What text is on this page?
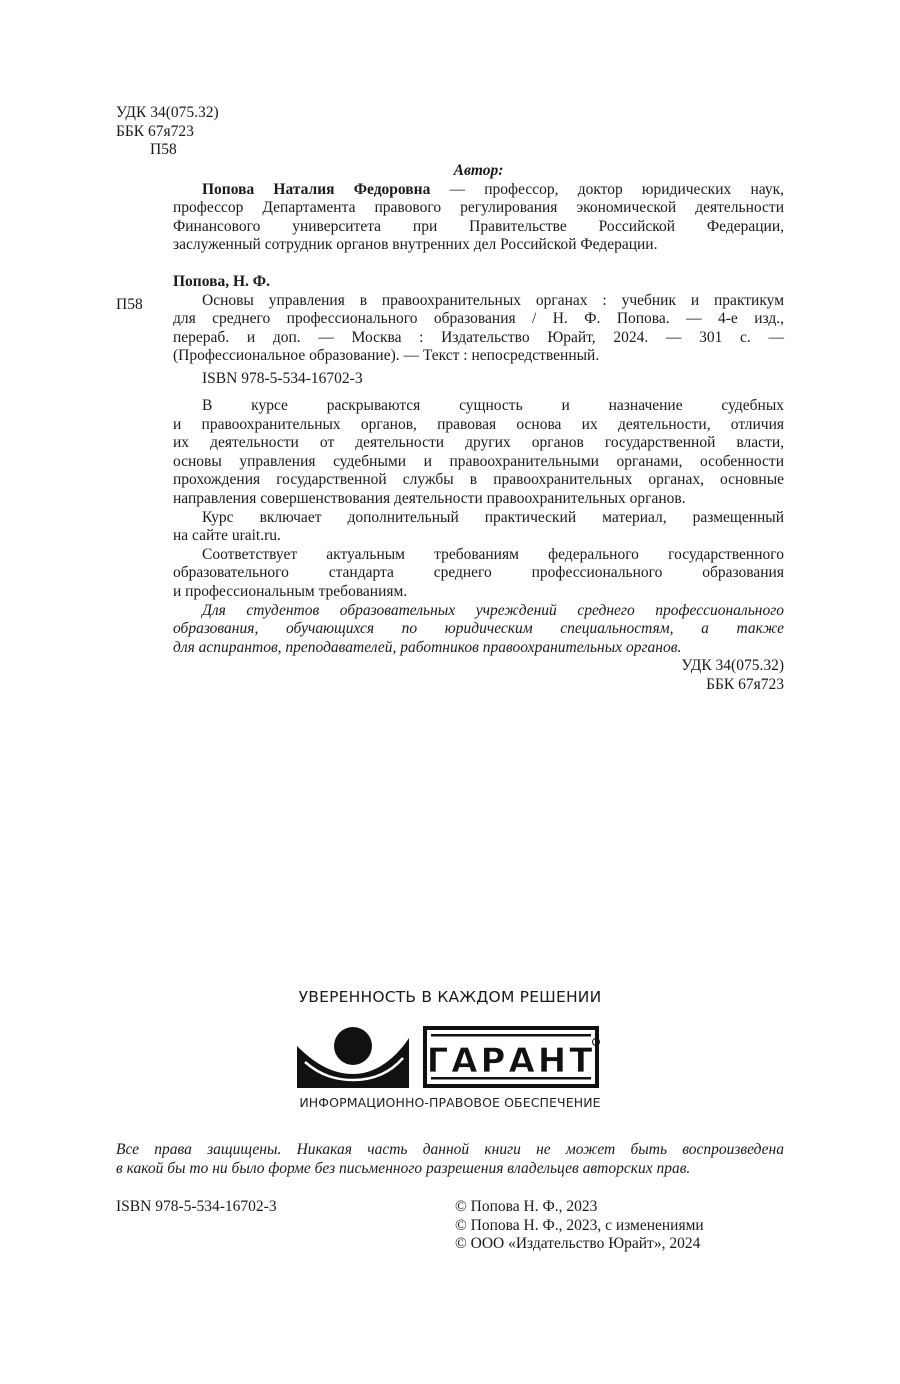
УДК 34(075.32)
ББК 67я723
П58
Автор:
Попова Наталия Федоровна — профессор, доктор юридических наук,
профессор Департамента правового регулирования экономической деятельности
Финансового университета при Правительстве Российской Федерации,
заслуженный сотрудник органов внутренних дел Российской Федерации.
Попова, Н. Ф.
Основы управления в правоохранительных органах : учебник и практикум
для среднего профессионального образования / Н. Ф. Попова. — 4-е изд.,
перераб. и доп. — Москва : Издательство Юрайт, 2024. — 301 с. —
(Профессиональное образование). — Текст : непосредственный.
ISBN 978-5-534-16702-3
П58
В курсе раскрываются сущность и назначение судебных
и правоохранительных органов, правовая основа их деятельности, отличия
их деятельности от деятельности других органов государственной власти,
основы управления судебными и правоохранительными органами, особенности
прохождения государственной службы в правоохранительных органах, основные
направления совершенствования деятельности правоохранительных органов.
Курс включает дополнительный практический материал, размещенный
на сайте urait.ru.
Соответствует актуальным требованиям федерального государственного
образовательного стандарта среднего профессионального образования
и профессиональным требованиям.
Для студентов образовательных учреждений среднего профессионального
образования, обучающихся по юридическим специальностям, а также
для аспирантов, преподавателей, работников правоохранительных органов.
УДК 34(075.32)
ББК 67я723
УВЕРЕННОСТЬ В КАЖДОМ РЕШЕНИИ
ГАРАНТ
ИНФОРМАЦИОННО-ПРАВОВОЕ ОБЕСПЕЧЕНИЕ
Все права защищены. Никакая часть данной книги не может быть воспроизведена
в какой бы то ни было форме без письменного разрешения владельцев авторских прав.
ISBN 978-5-534-16702-3	© Попова Н. Ф., 2023
© Попова Н. Ф., 2023, с изменениями
© ООО «Издательство Юрайт», 2024
